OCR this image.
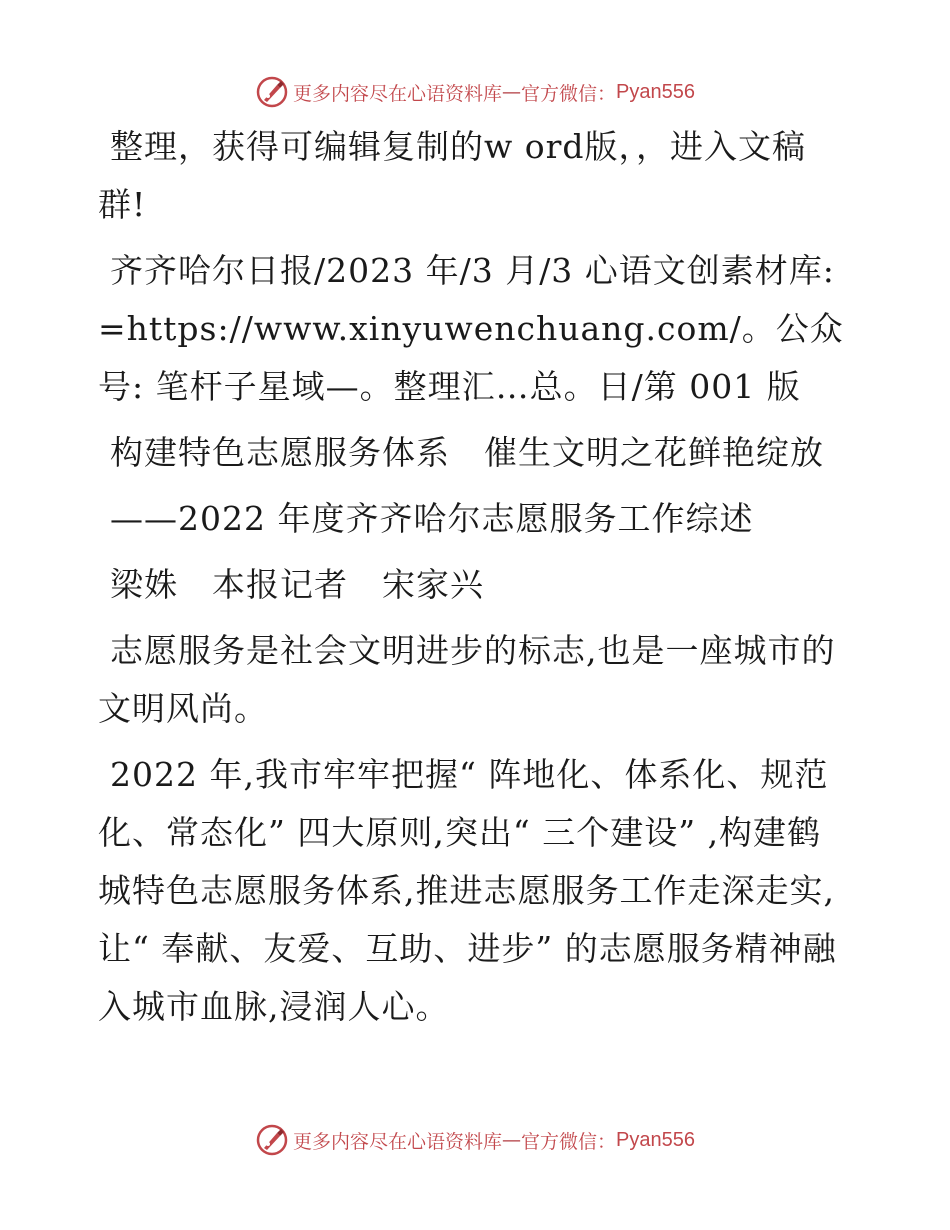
更多内容尽在心语资料库 — 官方微信： Pyan556

整理，获得可编辑复制的w ord版，，进入文稿群!

齐齐哈尔日报/2023 年/3 月/3 心语文创素材库: =https://www.xinyuwenchuang.com/。公众号: 笔杆子星域—。整理汇…总。日/第 001 版

构建特色志愿服务体系　催生文明之花鲜艳绽放

——2022 年度齐齐哈尔志愿服务工作综述

梁姝　本报记者　宋家兴

志愿服务是社会文明进步的标志,也是一座城市的文明风尚。

2022 年,我市牢牢把握“ 阵地化、体系化、规范化、常态化” 四大原则,突出“ 三个建设” ,构建鹤城特色志愿服务体系,推进志愿服务工作走深走实,让“ 奉献、友爱、互助、进步” 的志愿服务精神融入城市血脉,浸润人心。

更多内容尽在心语资料库 — 官方微信： Pyan556
